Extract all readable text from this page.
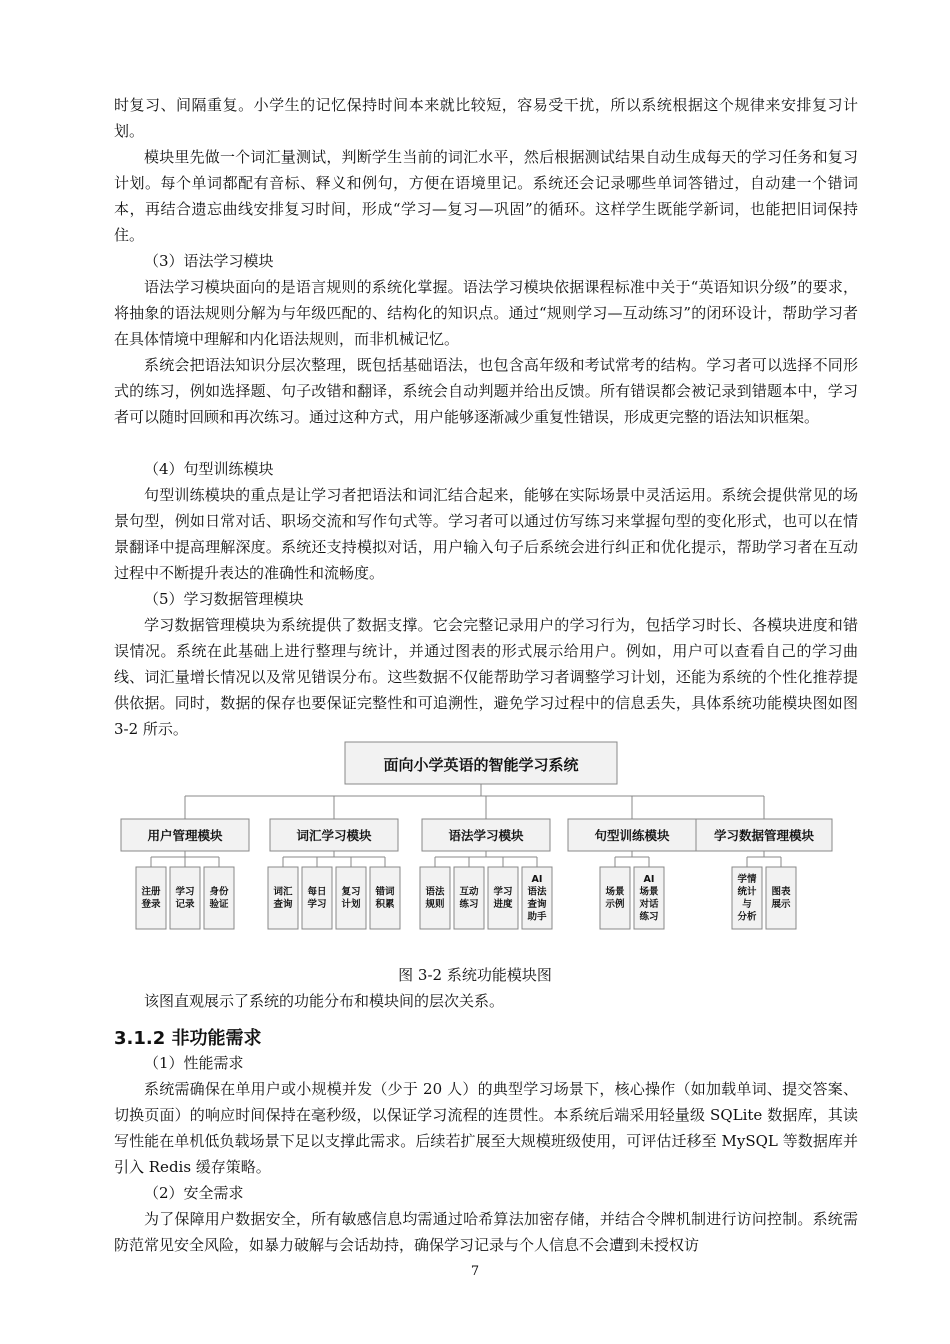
时复习、间隔重复。小学生的记忆保持时间本来就比较短，容易受干扰，所以系统根据这个规律来安排复习计划。

模块里先做一个词汇量测试，判断学生当前的词汇水平，然后根据测试结果自动生成每天的学习任务和复习计划。每个单词都配有音标、释义和例句，方便在语境里记。系统还会记录哪些单词答错过，自动建一个错词本，再结合遗忘曲线安排复习时间，形成“学习—复习—巩固”的循环。这样学生既能学新词，也能把旧词保持住。

（3）语法学习模块

语法学习模块面向的是语言规则的系统化掌握。语法学习模块依据课程标准中关于“英语知识分级”的要求，将抽象的语法规则分解为与年级匹配的、结构化的知识点。通过“规则学习—互动练习”的闭环设计，帮助学习者在具体情境中理解和内化语法规则，而非机械记忆。

系统会把语法知识分层次整理，既包括基础语法，也包含高年级和考试常考的结构。学习者可以选择不同形式的练习，例如选择题、句子改错和翻译，系统会自动判题并给出反馈。所有错误都会被记录到错题本中，学习者可以随时回顾和再次练习。通过这种方式，用户能够逐渐减少重复性错误，形成更完整的语法知识框架。

（4）句型训练模块

句型训练模块的重点是让学习者把语法和词汇结合起来，能够在实际场景中灵活运用。系统会提供常见的场景句型，例如日常对话、职场交流和写作句式等。学习者可以通过仿写练习来掌握句型的变化形式，也可以在情景翻译中提高理解深度。系统还支持模拟对话，用户输入句子后系统会进行纠正和优化提示，帮助学习者在互动过程中不断提升表达的准确性和流畅度。

（5）学习数据管理模块

学习数据管理模块为系统提供了数据支撑。它会完整记录用户的学习行为，包括学习时长、各模块进度和错误情况。系统在此基础上进行整理与统计，并通过图表的形式展示给用户。例如，用户可以查看自己的学习曲线、词汇量增长情况以及常见错误分布。这些数据不仅能帮助学习者调整学习计划，还能为系统的个性化推荐提供依据。同时，数据的保存也要保证完整性和可追溯性，避免学习过程中的信息丢失，具体系统功能模块图如图 3-2 所示。

面向小学英语的智能学习系统
用户管理模块
注册
登录
学习
记录
身份
验证
词汇学习模块
词汇
查询
每日
学习
复习
计划
错词
积累
语法学习模块
语法
规则
互动
练习
学习
进度
AI
语法
查询
助手
句型训练模块
场景
示例
AI
场景
对话
练习
学习数据管理模块
学情
统计
与
分析
图表
展示

图 3-2 系统功能模块图

该图直观展示了系统的功能分布和模块间的层次关系。

3.1.2 非功能需求

（1）性能需求

系统需确保在单用户或小规模并发（少于 20 人）的典型学习场景下，核心操作（如加载单词、提交答案、切换页面）的响应时间保持在毫秒级，以保证学习流程的连贯性。本系统后端采用轻量级 SQLite 数据库，其读写性能在单机低负载场景下足以支撑此需求。后续若扩展至大规模班级使用，可评估迁移至 MySQL 等数据库并引入 Redis 缓存策略。

（2）安全需求

为了保障用户数据安全，所有敏感信息均需通过哈希算法加密存储，并结合令牌机制进行访问控制。系统需防范常见安全风险，如暴力破解与会话劫持，确保学习记录与个人信息不会遭到未授权访

7
